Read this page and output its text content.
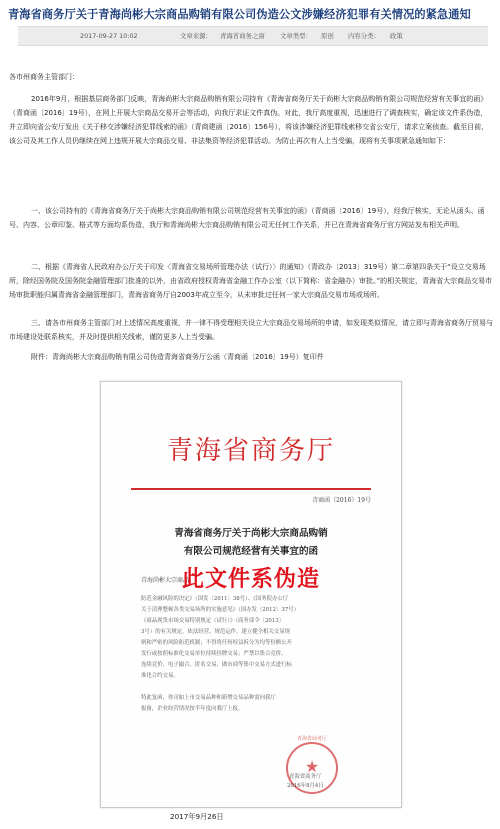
青海省商务厅关于青海尚彬大宗商品购销有限公司伪造公文涉嫌经济犯罪有关情况的紧急通知
2017-09-27 10:02	文章来源： 青海省商务之窗 文章类型： 原创 内容分类： 政策
各市州商务主管部门：
2016年9月，根据基层商务部门反映，青海尚彬大宗商品购销有限公司持有《青海省商务厅关于尚彬大宗商品购销有限公司规范经营有关事宜的函》（青商函〔2016〕19号），在网上开展大宗商品交易开会等活动，向我厅求证文件真伪。对此，我厅高度重视，迅速进行了调查核实，确定该文件系伪造，并立即向省公安厅发出《关于移交涉嫌经济犯罪线索的函》（青商建函〔2016〕156号），将该涉嫌经济犯罪线索移交省公安厅，请求立案侦查。截至目前，该公司及其工作人员仍继续在网上违规开展大宗商品交易、非法集资等经济犯罪活动。为防止再次有人上当受骗，现将有关事项紧急通知如下：
一、该公司持有的《青海省商务厅关于尚彬大宗商品购销有限公司规范经营有关事宜的函》（青商函〔2016〕19号），经我厅核实，无论从函头、函号、内容、公章印鉴、格式等方面均系伪造，我厅和青海尚彬大宗商品购销有限公司无任何工作关系，并已在青海省商务厅官方网站发布相关声明。
二、根据《青海省人民政府办公厅关于印发〈青海省交易场所管理办法（试行）〉的通知》（青政办〔2013〕319号）第二章第四条关于“设立交易场所，除经国务院及国务院金融管理部门批准的以外，由省政府授权青海省金融工作办公室（以下简称：省金融办）审批。”的相关规定，青海省大宗商品交易市场审批职能归属青海省金融管理部门，青海省商务厅自2003年成立至今，从未审批过任何一家大宗商品交易市场或场所。
三、请各市州商务主管部门对上述情况高度重视，并一律不得受理相关设立大宗商品交易场所的申请，如发现类似情况，请立即与青海省商务厅贸易与市场建设处联系核实，并及时提供相关线索，谨防更多人上当受骗。
附件：青海尚彬大宗商品购销有限公司伪造青海省商务厅公函（青商函〔2016〕19号）复印件
青海省商务厅
青商函（2016）19号
青海省商务厅关于尚彬大宗商品购销
有限公司规范经营有关事宜的函
青海尚彬大宗商品
此文件系伪造
防范金融风险的决定》（国发〔2011〕38号）、《国务院办公厅
关于清理整顿各类交易场所的实施意见》（国办发〔2012〕37号）
《商品现货市场交易特别规定（试行）》（商务部令〔2013〕
3号）的有关规定，依法经营，规范运作，建立健全相关交易规
则和严密的风险防范机制；不得将任何权益拆分为均等份额公开
发行或按照标准化交易单位持续挂牌交易；严禁以集合竞价、
连续竞价、电子撮合、匿名交易、做市商等集中交易方式进行标
准化合约交易。
特此复函，你司如上市交易品种和新增交易品种需向我厅
报备，企业经营情况按半年度向我厅上报。
青海省商务厅
★
青海省商务厅
2016年8月4日
2017年9月26日
